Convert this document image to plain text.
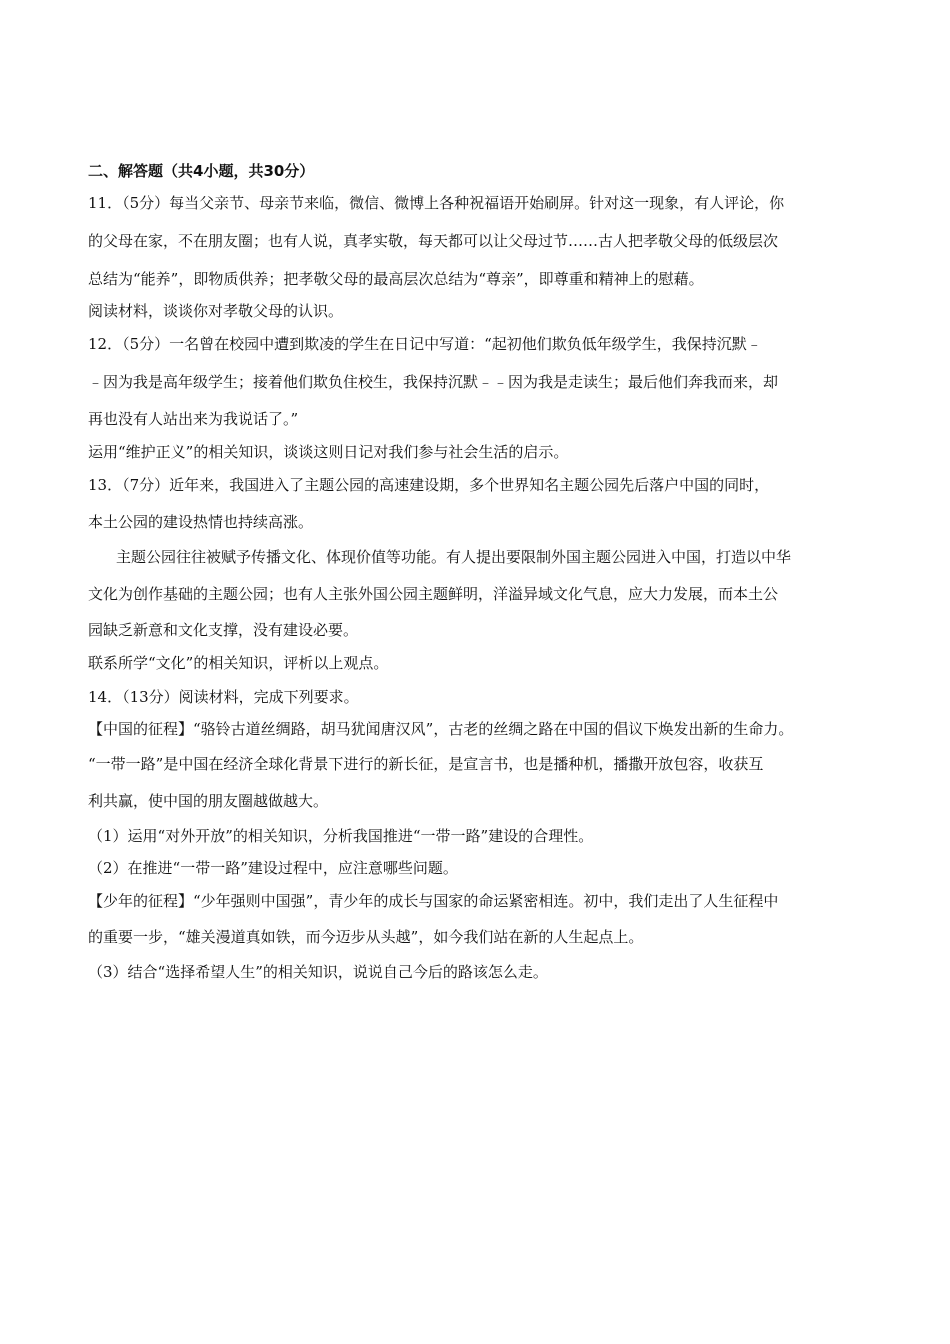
二、解答题（共4小题，共30分）
11．（5分）每当父亲节、母亲节来临，微信、微博上各种祝福语开始刷屏。针对这一现象，有人评论，你
的父母在家，不在朋友圈；也有人说，真孝实敬，每天都可以让父母过节……古人把孝敬父母的低级层次
总结为“能养”，即物质供养；把孝敬父母的最高层次总结为“尊亲”，即尊重和精神上的慰藉。
阅读材料，谈谈你对孝敬父母的认识。
12．（5分）一名曾在校园中遭到欺凌的学生在日记中写道：“起初他们欺负低年级学生，我保持沉默﹣
﹣因为我是高年级学生；接着他们欺负住校生，我保持沉默﹣﹣因为我是走读生；最后他们奔我而来，却
再也没有人站出来为我说话了。”
运用“维护正义”的相关知识，谈谈这则日记对我们参与社会生活的启示。
13．（7分）近年来，我国进入了主题公园的高速建设期，多个世界知名主题公园先后落户中国的同时，
本土公园的建设热情也持续高涨。
主题公园往往被赋予传播文化、体现价值等功能。有人提出要限制外国主题公园进入中国，打造以中华
文化为创作基础的主题公园；也有人主张外国公园主题鲜明，洋溢异域文化气息，应大力发展，而本土公
园缺乏新意和文化支撑，没有建设必要。
联系所学“文化”的相关知识，评析以上观点。
14．（13分）阅读材料，完成下列要求。
【中国的征程】“骆铃古道丝绸路，胡马犹闻唐汉风”，古老的丝绸之路在中国的倡议下焕发出新的生命力。
“一带一路”是中国在经济全球化背景下进行的新长征，是宣言书，也是播种机，播撒开放包容，收获互
利共赢，使中国的朋友圈越做越大。
（1）运用“对外开放”的相关知识，分析我国推进“一带一路”建设的合理性。
（2）在推进“一带一路”建设过程中，应注意哪些问题。
【少年的征程】“少年强则中国强”，青少年的成长与国家的命运紧密相连。初中，我们走出了人生征程中
的重要一步，“雄关漫道真如铁，而今迈步从头越”，如今我们站在新的人生起点上。
（3）结合“选择希望人生”的相关知识，说说自己今后的路该怎么走。
